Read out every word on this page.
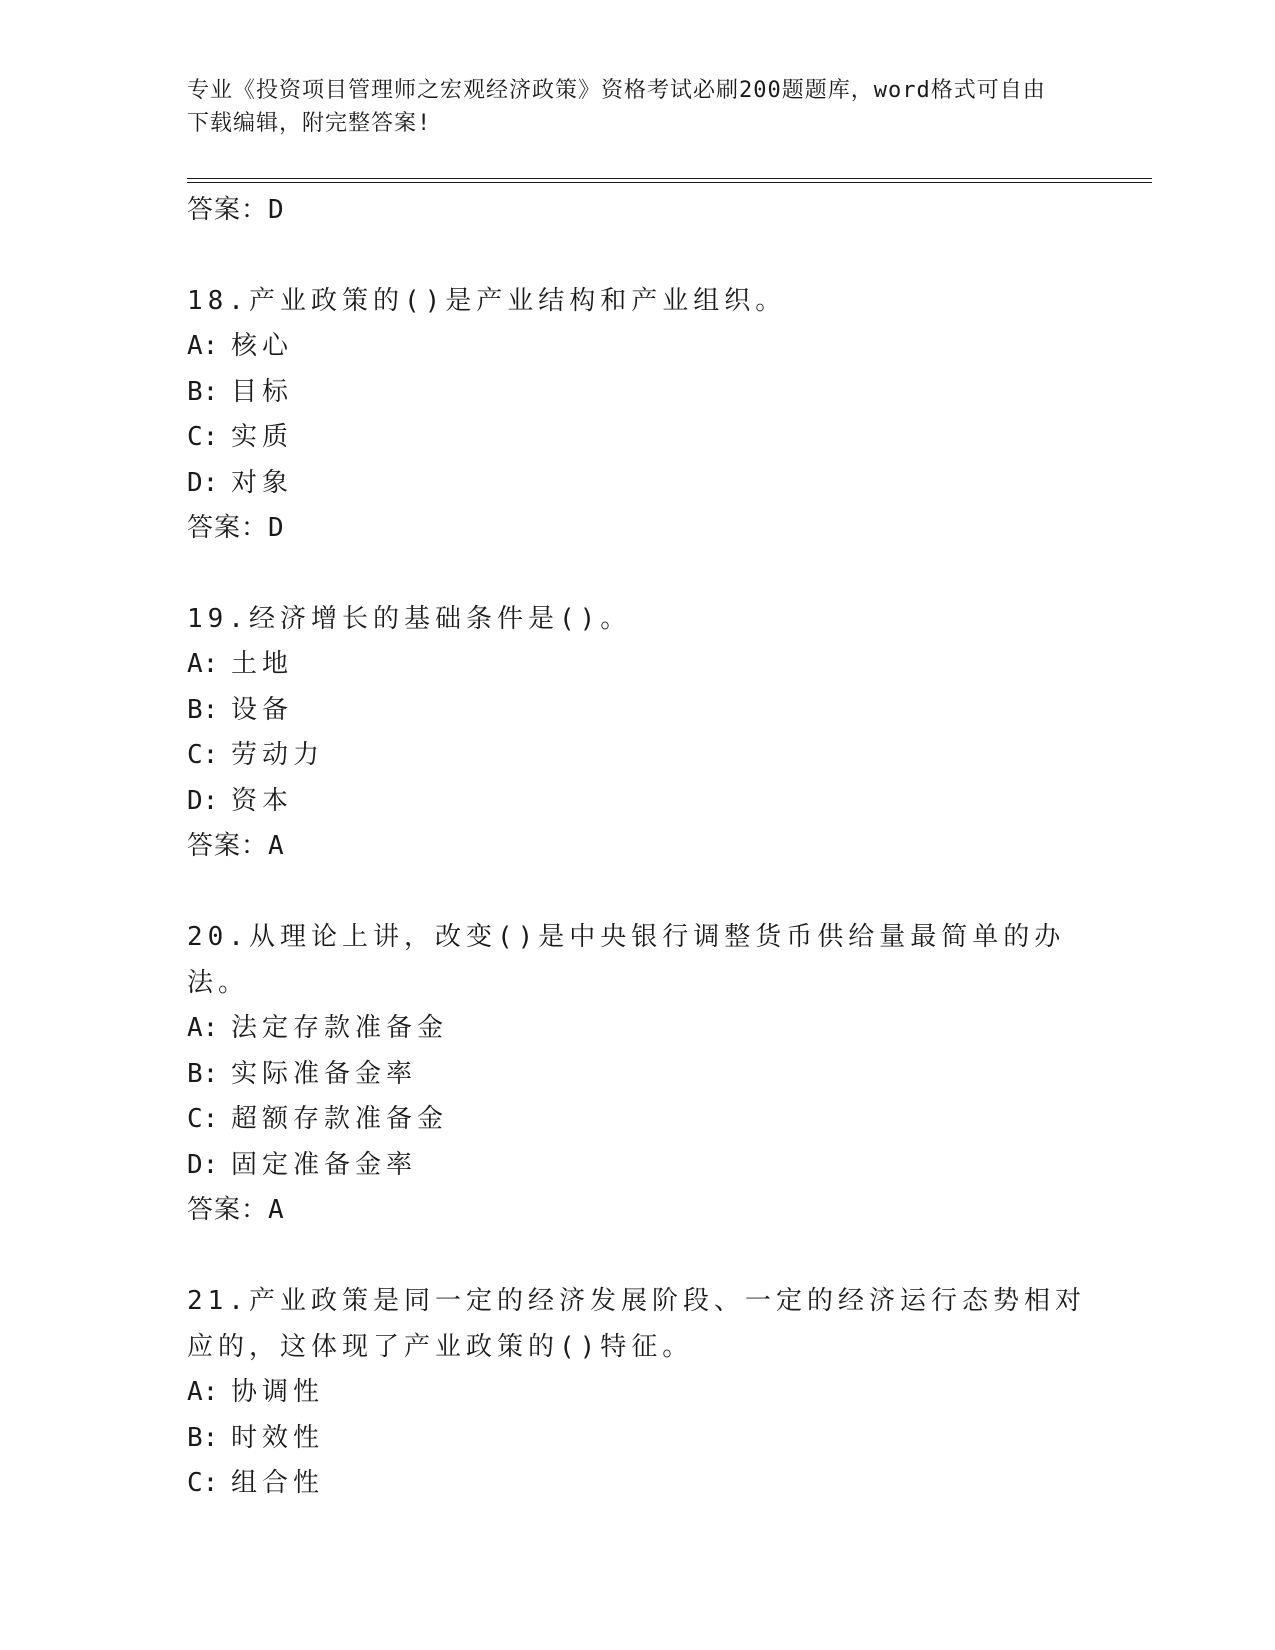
专业《投资项目管理师之宏观经济政策》资格考试必刷200题题库，word格式可自由下载编辑，附完整答案!
答案：D
18.产业政策的()是产业结构和产业组织。
A: 核心
B: 目标
C: 实质
D: 对象
答案：D
19.经济增长的基础条件是()。
A: 土地
B: 设备
C: 劳动力
D: 资本
答案：A
20.从理论上讲，改变()是中央银行调整货币供给量最简单的办法。
A: 法定存款准备金
B: 实际准备金率
C: 超额存款准备金
D: 固定准备金率
答案：A
21.产业政策是同一定的经济发展阶段、一定的经济运行态势相对应的，这体现了产业政策的()特征。
A: 协调性
B: 时效性
C: 组合性
